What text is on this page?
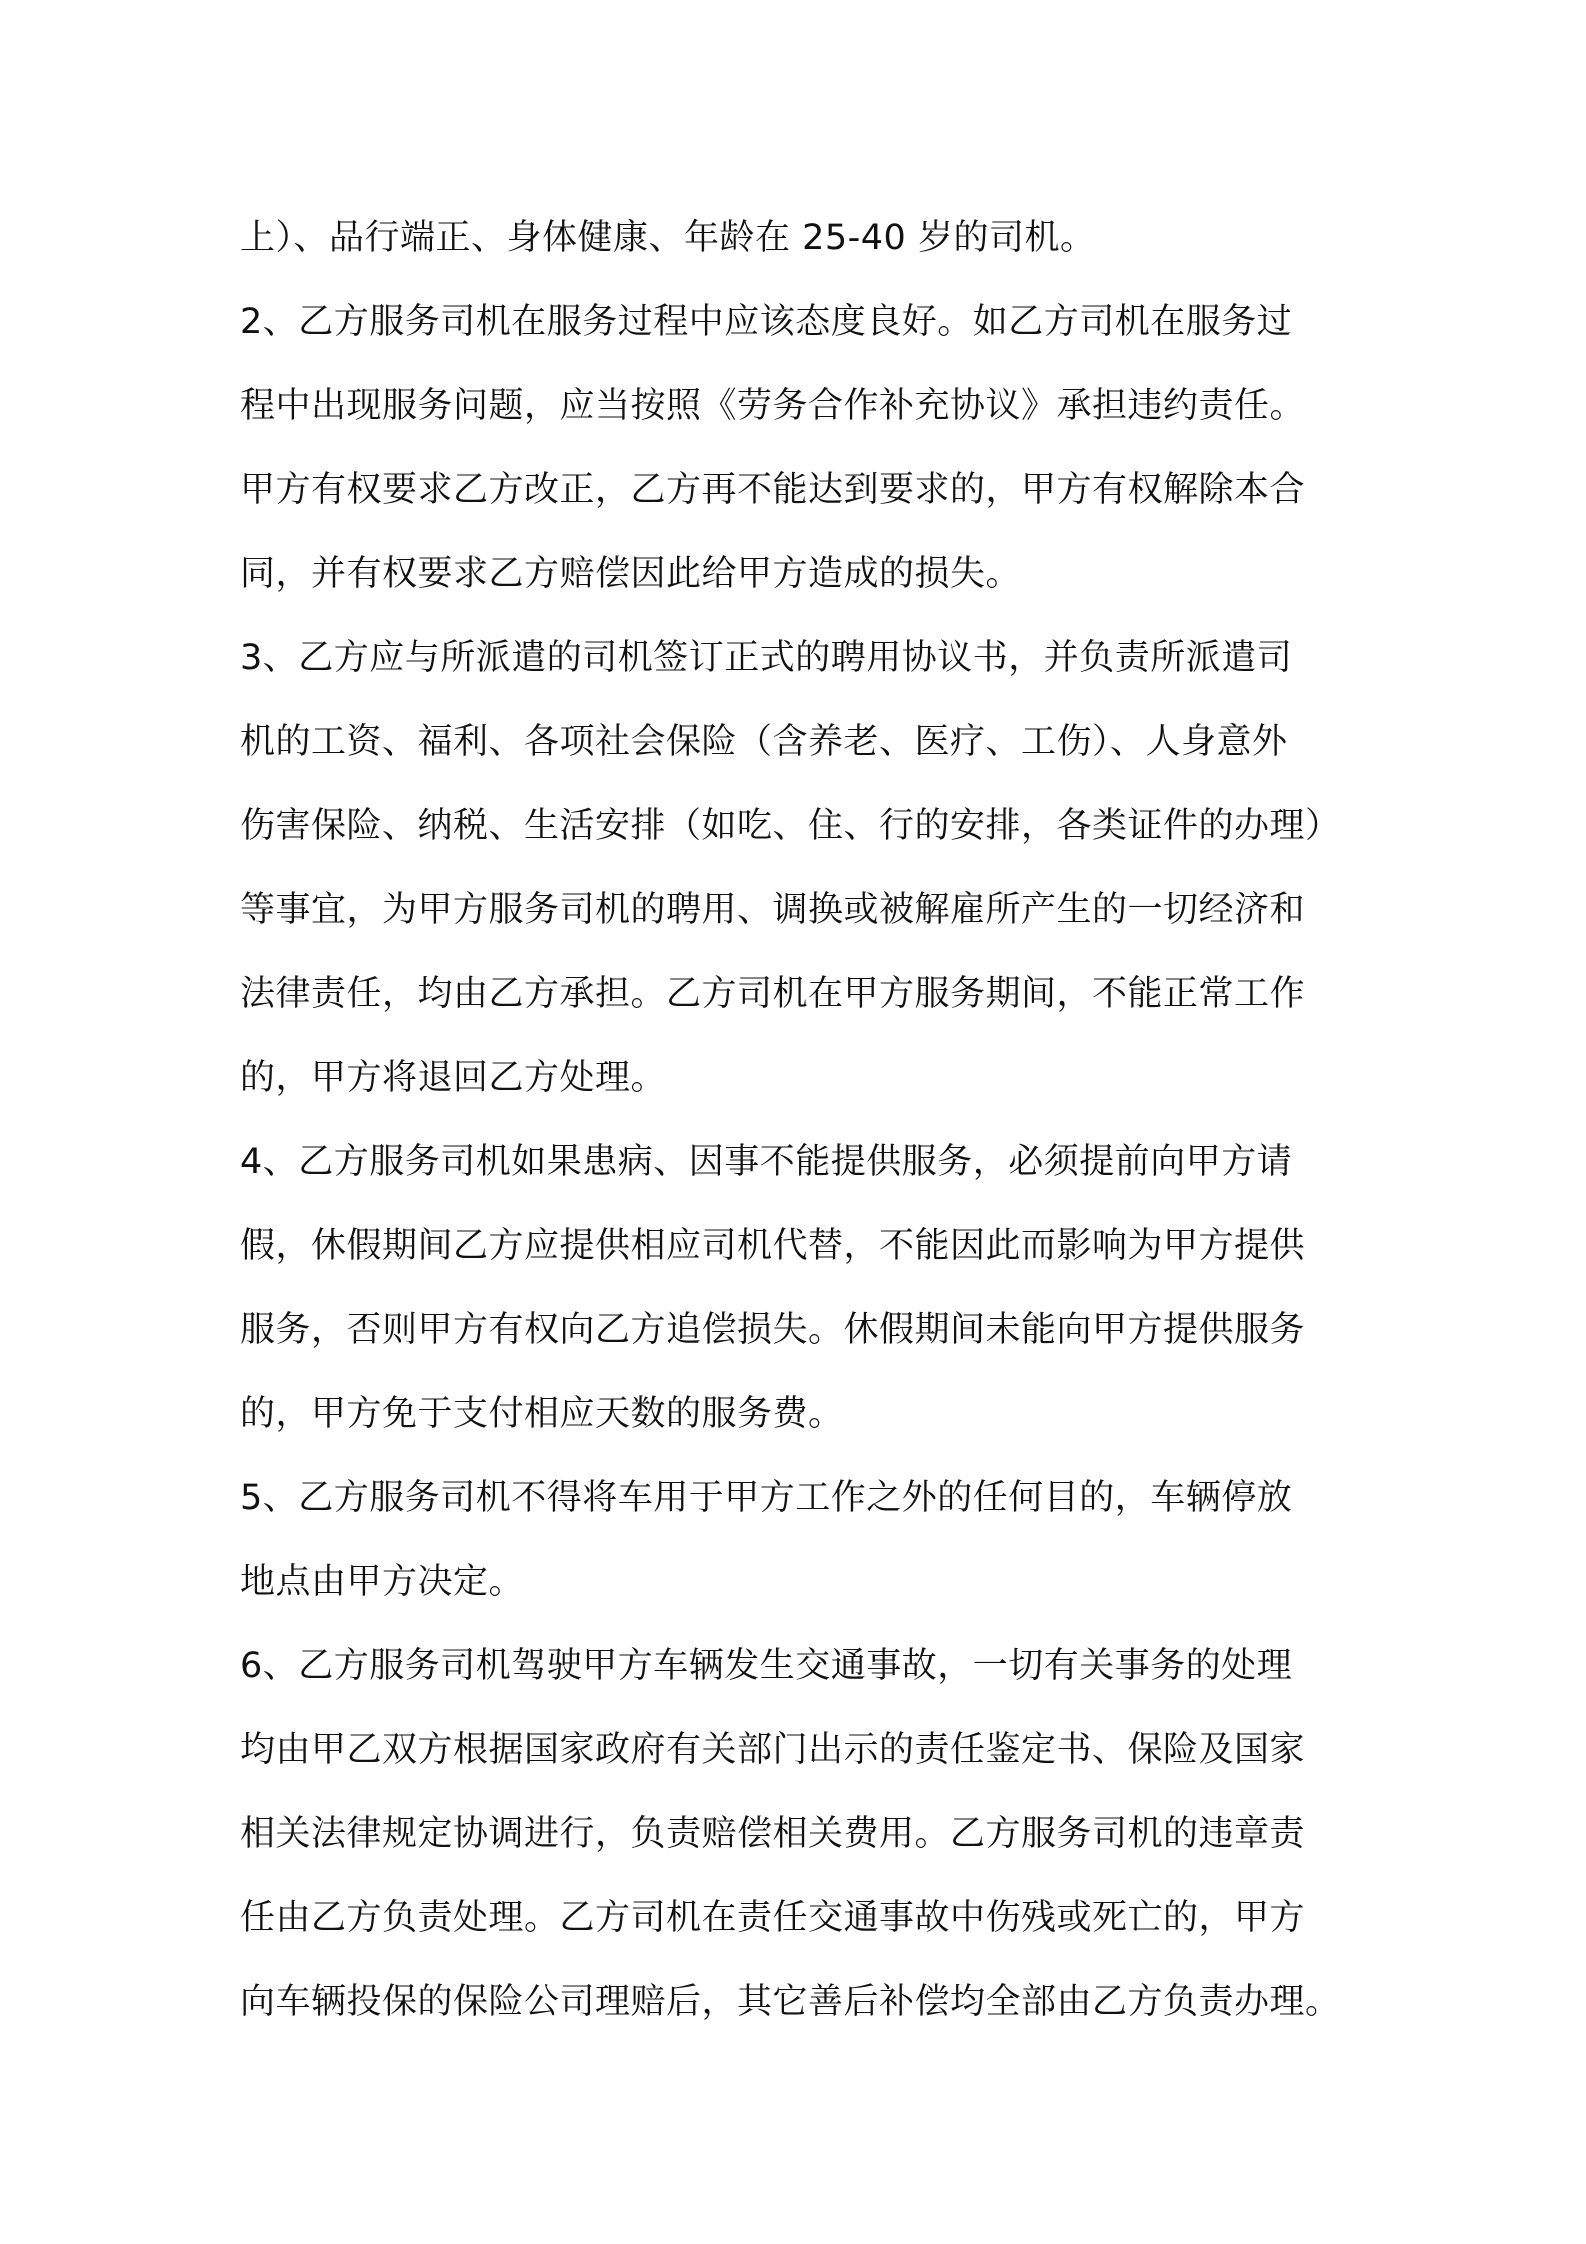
上）、品行端正、身体健康、年龄在 25-40 岁的司机。
2、乙方服务司机在服务过程中应该态度良好。如乙方司机在服务过
程中出现服务问题，应当按照《劳务合作补充协议》承担违约责任。
甲方有权要求乙方改正，乙方再不能达到要求的，甲方有权解除本合
同，并有权要求乙方赔偿因此给甲方造成的损失。
3、乙方应与所派遣的司机签订正式的聘用协议书，并负责所派遣司
机的工资、福利、各项社会保险（含养老、医疗、工伤）、人身意外
伤害保险、纳税、生活安排（如吃、住、行的安排，各类证件的办理）
等事宜，为甲方服务司机的聘用、调换或被解雇所产生的一切经济和
法律责任，均由乙方承担。乙方司机在甲方服务期间，不能正常工作
的，甲方将退回乙方处理。
4、乙方服务司机如果患病、因事不能提供服务，必须提前向甲方请
假，休假期间乙方应提供相应司机代替，不能因此而影响为甲方提供
服务，否则甲方有权向乙方追偿损失。休假期间未能向甲方提供服务
的，甲方免于支付相应天数的服务费。
5、乙方服务司机不得将车用于甲方工作之外的任何目的，车辆停放
地点由甲方决定。
6、乙方服务司机驾驶甲方车辆发生交通事故，一切有关事务的处理
均由甲乙双方根据国家政府有关部门出示的责任鉴定书、保险及国家
相关法律规定协调进行，负责赔偿相关费用。乙方服务司机的违章责
任由乙方负责处理。乙方司机在责任交通事故中伤残或死亡的，甲方
向车辆投保的保险公司理赔后，其它善后补偿均全部由乙方负责办理。
